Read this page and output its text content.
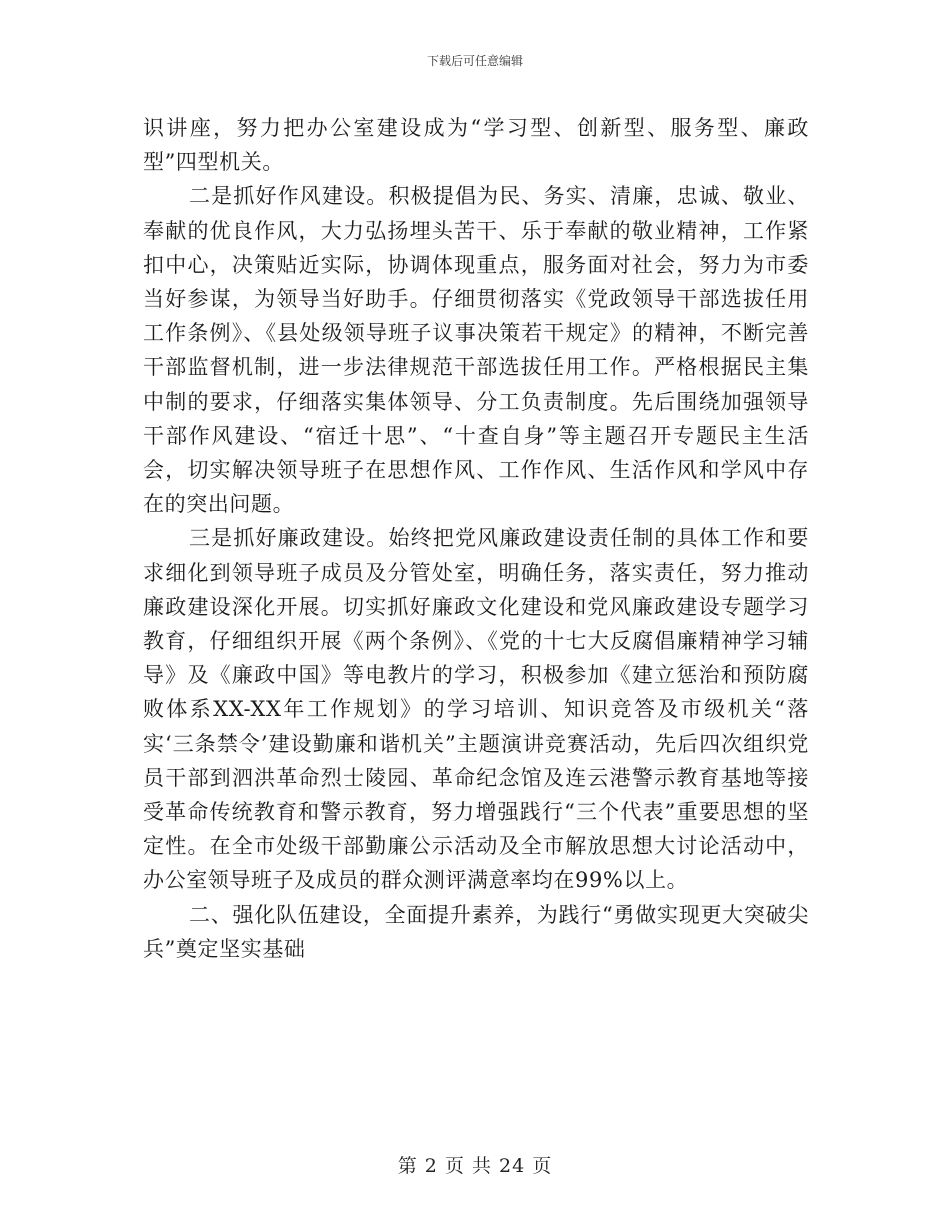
下载后可任意编辑

识讲座，努力把办公室建设成为“学习型、创新型、服务型、廉政型”四型机关。

二是抓好作风建设。积极提倡为民、务实、清廉，忠诚、敬业、奉献的优良作风，大力弘扬埋头苦干、乐于奉献的敬业精神，工作紧扣中心，决策贴近实际，协调体现重点，服务面对社会，努力为市委当好参谋，为领导当好助手。仔细贯彻落实《党政领导干部选拔任用工作条例》、《县处级领导班子议事决策若干规定》的精神，不断完善干部监督机制，进一步法律规范干部选拔任用工作。严格根据民主集中制的要求，仔细落实集体领导、分工负责制度。先后围绕加强领导干部作风建设、“宿迁十思”、“十查自身”等主题召开专题民主生活会，切实解决领导班子在思想作风、工作作风、生活作风和学风中存在的突出问题。

三是抓好廉政建设。始终把党风廉政建设责任制的具体工作和要求细化到领导班子成员及分管处室，明确任务，落实责任，努力推动廉政建设深化开展。切实抓好廉政文化建设和党风廉政建设专题学习教育，仔细组织开展《两个条例》、《党的十七大反腐倡廉精神学习辅导》及《廉政中国》等电教片的学习，积极参加《建立惩治和预防腐败体系XX-XX年工作规划》的学习培训、知识竞答及市级机关“落实‘三条禁令’建设勤廉和谐机关”主题演讲竞赛活动，先后四次组织党员干部到泗洪革命烈士陵园、革命纪念馆及连云港警示教育基地等接受革命传统教育和警示教育，努力增强践行“三个代表”重要思想的坚定性。在全市处级干部勤廉公示活动及全市解放思想大讨论活动中，办公室领导班子及成员的群众测评满意率均在99%以上。

二、强化队伍建设，全面提升素养，为践行“勇做实现更大突破尖兵”奠定坚实基础

第 2 页 共 24 页
